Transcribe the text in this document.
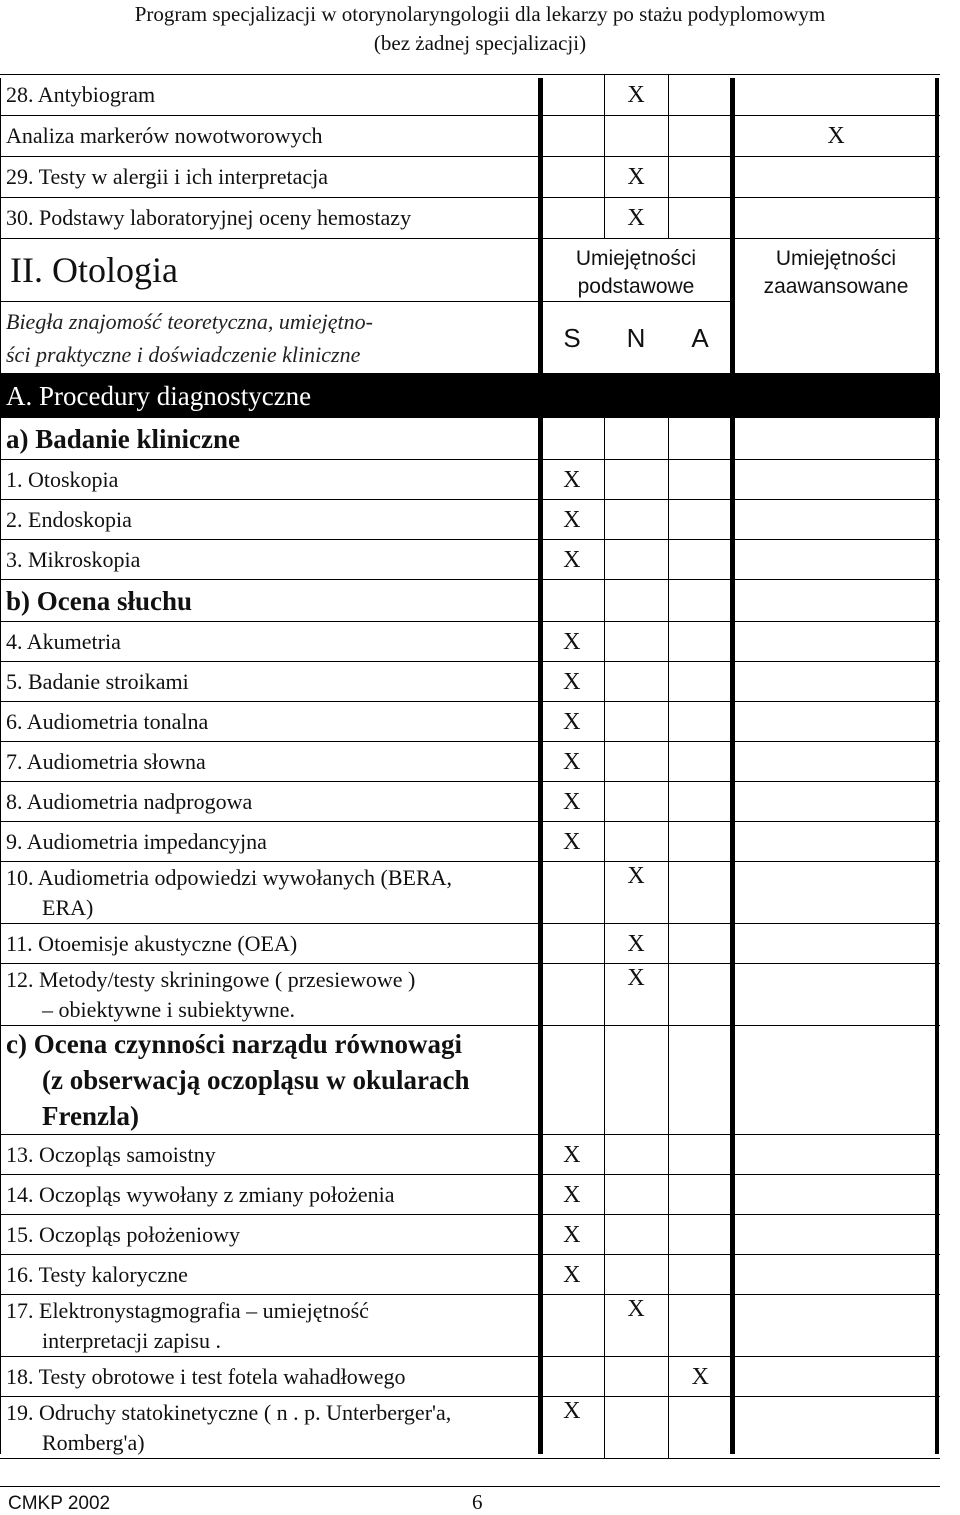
Program specjalizacji w otorynolaryngologii dla lekarzy po stażu podyplomowym
(bez żadnej specjalizacji)
28. Antybiogram		X		
Analiza markerów nowotworowych				X
29. Testy w alergii i ich interpretacja		X		
30. Podstawy laboratoryjnej oceny hemostazy		X		
II. Otologia	Umiejętności podstawowe			Umiejętności zaawansowane

Biegła znajomość teoretyczna, umiejętno-
ści praktyczne i doświadczenie kliniczne	S	N	A	
A. Procedury diagnostyczne				
a) Badanie kliniczne				
1. Otoskopia	X			
2. Endoskopia	X			
3. Mikroskopia	X			
b) Ocena słuchu				
4. Akumetria	X			
5. Badanie stroikami	X			
6. Audiometria tonalna	X			
7. Audiometria słowna	X			
8. Audiometria nadprogowa	X			
9. Audiometria impedancyjna	X			

10. Audiometria odpowiedzi wywołanych (BERA,
ERA)		X		
11. Otoemisje akustyczne (OEA)		X		

12. Metody/testy skriningowe ( przesiewowe )
– obiektywne i subiektywne.		X		

c) Ocena czynności narządu równowagi
(z obserwacją oczopląsu w okularach
Frenzla)				

13. Oczopląs samoistny	X			
14. Oczopląs wywołany z zmiany położenia	X			
15. Oczopląs położeniowy	X			
16. Testy kaloryczne	X			

17. Elektronystagmografia – umiejętność
interpretacji zapisu .		X		
18. Testy obrotowe i test fotela wahadłowego			X	

19. Odruchy statokinetyczne ( n . p. Unterberger'a,
Romberg'a)	X			
CMKP 2002	6
